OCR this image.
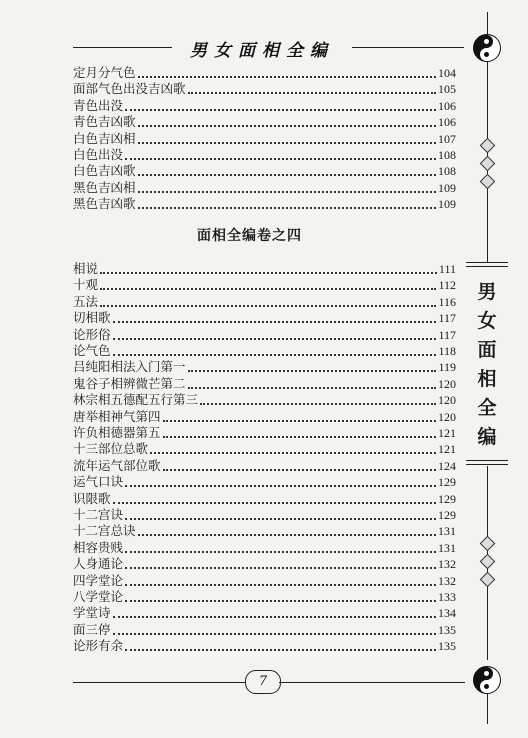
男女面相全编
定月分气色	104
面部气色出没吉凶歌	105
青色出没	106
青色吉凶歌	106
白色吉凶相	107
白色出没	108
白色吉凶歌	108
黑色吉凶相	109
黑色吉凶歌	109
面相全编卷之四
相说	111
十观	112
五法	116
切相歌	117
论形俗	117
论气色	118
吕纯阳相法入门第一	119
鬼谷子相辨微芒第二	120
林宗相五德配五行第三	120
唐举相神气第四	120
许负相德器第五	121
十三部位总歌	121
流年运气部位歌	124
运气口诀	129
识限歌	129
十二宫诀	129
十二宫总诀	131
相容贵贱	131
人身通论	132
四学堂论	132
八学堂论	133
学堂诗	134
面三停	135
论形有余	135
男
女
面
相
全
编
7
